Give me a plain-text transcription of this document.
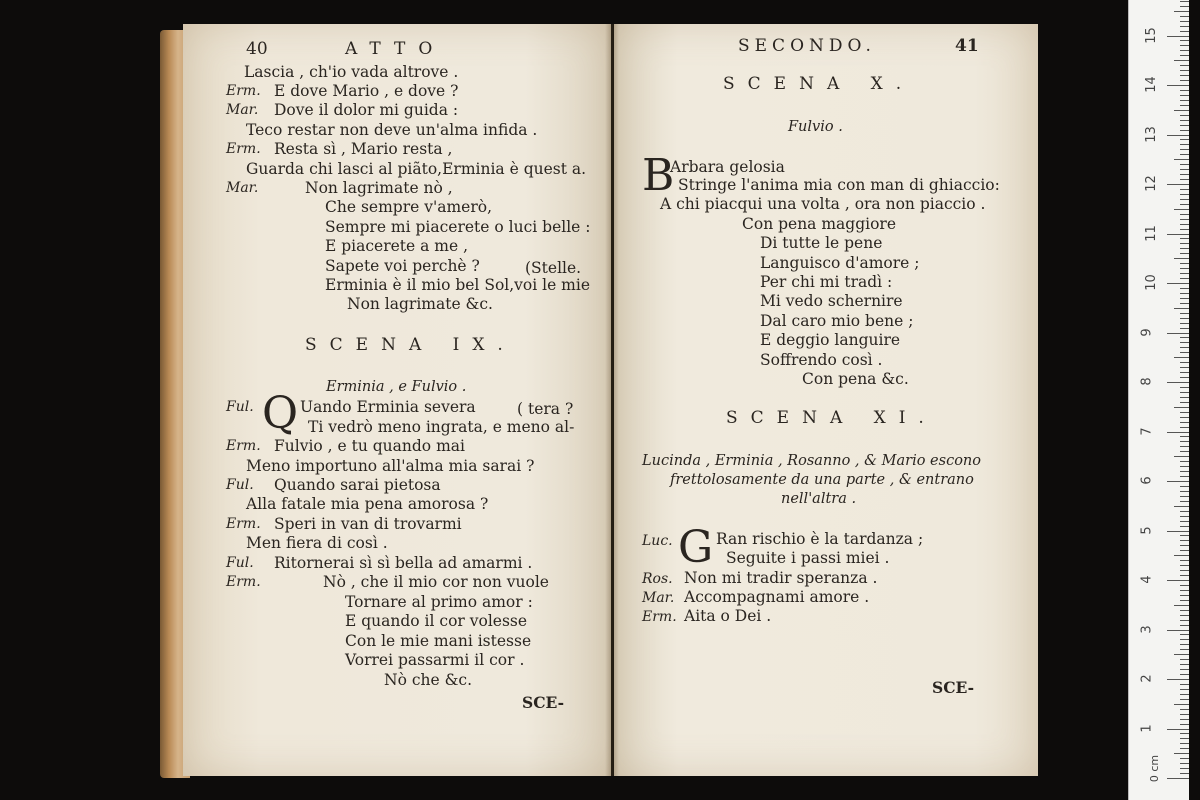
40	ATTO
Lascia , ch'io vada altrove .
Erm. E dove Mario , e dove ?
Mar. Dove il dolor mi guida :
Teco restar non deve un'alma infida .
Erm. Resta sì , Mario resta ,
Guarda chi lasci al piãto,Erminia è quest a.
Mar.	Non lagrimate nò ,
Che sempre v'amerò,
Sempre mi piacerete o luci belle :
E piacerete a me ,
Sapete voi perchè ?	(Stelle.
Erminia è il mio bel Sol,voi le mie
Non lagrimate &c.
SCENA IX.
Erminia , e Fulvio .
Ful. Q Uando Erminia severa	( tera ?
Ti vedrò meno ingrata, e meno al-
Erm. Fulvio , e tu quando mai
Meno importuno all'alma mia sarai ?
Ful. Quando sarai pietosa
Alla fatale mia pena amorosa ?
Erm. Speri in van di trovarmi
Men fiera di così .
Ful. Ritornerai sì sì bella ad amarmi .
Erm.	Nò , che il mio cor non vuole
Tornare al primo amor :
E quando il cor volesse
Con le mie mani istesse
Vorrei passarmi il cor .
Nò che &c.
SCE-
SECONDO.	41
SCENA X.
Fulvio .
B
Arbara gelosia
Stringe l'anima mia con man di ghiaccio:
A chi piacqui una volta , ora non piaccio .
Con pena maggiore
Di tutte le pene
Languisco d'amore ;
Per chi mi tradì :
Mi vedo schernire
Dal caro mio bene ;
E deggio languire
Soffrendo così .
Con pena &c.
SCENA XI.
Lucinda , Erminia , Rosanno , & Mario escono
frettolosamente da una parte , & entrano
nell'altra .
Luc. G Ran rischio è la tardanza ;
Seguite i passi miei .
Ros. Non mi tradir speranza .
Mar. Accompagnami amore .
Erm. Aita o Dei .
SCE-
15
14
13
12
11
10
9
8
7
6
5
4
3
2
1
0 cm
